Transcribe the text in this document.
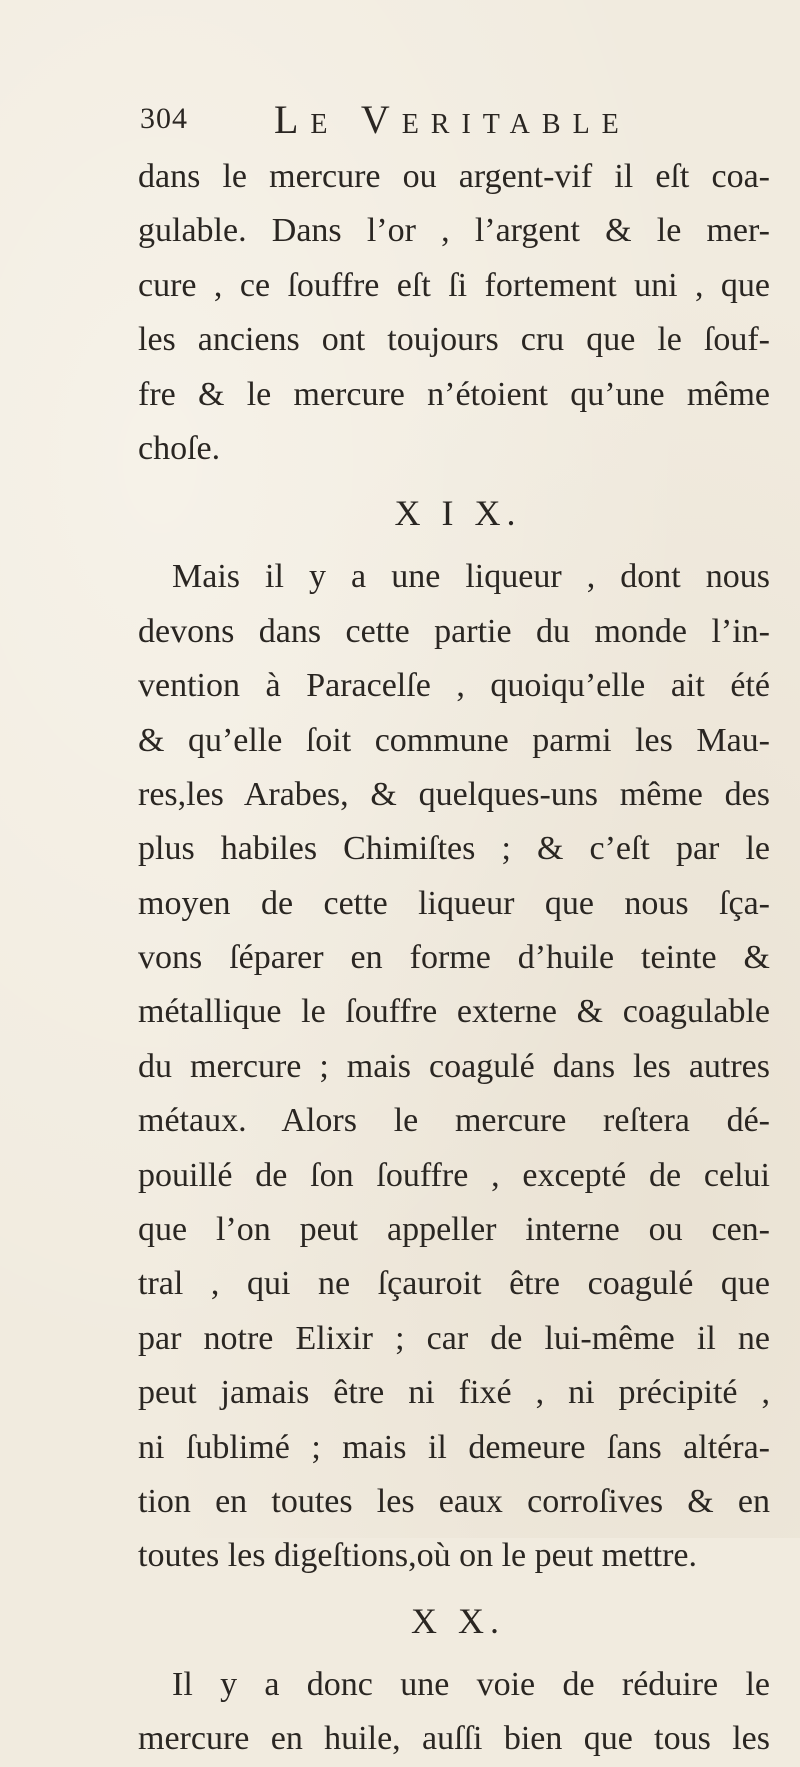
304 Le Veritable
dans le mercure ou argent-vif il eſt coa-
gulable. Dans l’or , l’argent & le mer-
cure , ce ſouffre eſt ſi fortement uni , que
les anciens ont toujours cru que le ſouf-
fre & le mercure n’étoient qu’une même
choſe.
X I X.
Mais il y a une liqueur , dont nous
devons dans cette partie du monde l’in-
vention à Paracelſe , quoiqu’elle ait été
& qu’elle ſoit commune parmi les Mau-
res,les Arabes, & quelques-uns même des
plus habiles Chimiſtes ; & c’eſt par le
moyen de cette liqueur que nous ſça-
vons ſéparer en forme d’huile teinte &
métallique le ſouffre externe & coagulable
du mercure ; mais coagulé dans les autres
métaux. Alors le mercure reſtera dé-
pouillé de ſon ſouffre , excepté de celui
que l’on peut appeller interne ou cen-
tral , qui ne ſçauroit être coagulé que
par notre Elixir ; car de lui-même il ne
peut jamais être ni fixé , ni précipité ,
ni ſublimé ; mais il demeure ſans altéra-
tion en toutes les eaux corroſives & en
toutes les digeſtions,où on le peut mettre.
X X.
Il y a donc une voie de réduire le
mercure en huile, auſſi bien que tous les
